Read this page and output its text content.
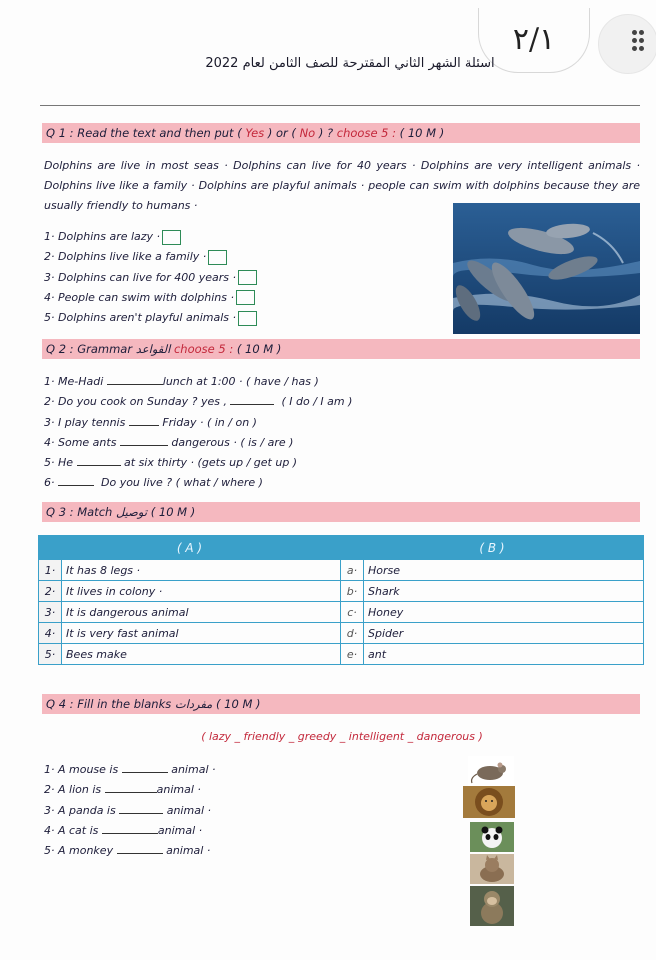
٢/١
اسئلة الشهر الثاني المقترحة للصف الثامن لعام 2022
Q 1 : Read the text and then put ( Yes ) or ( No ) ? choose 5 : ( 10 M )
Dolphins are live in most seas · Dolphins can live for 40 years · Dolphins are very intelligent animals · Dolphins live like a family · Dolphins are playful animals · people can swim with dolphins because they are usually friendly to humans ·
1· Dolphins are lazy ·
2· Dolphins live like a family ·
3· Dolphins can live for 400 years ·
4· People can swim with dolphins ·
5· Dolphins aren't playful animals ·
Q 2 : Grammar القواعد choose 5 : ( 10 M )
1· Me-Hadi	lunch at 1:00 · ( have / has )
2· Do you cook on Sunday ? yes ,	( I do / I am )
3· I play tennis	Friday · ( in / on )
4· Some ants	dangerous · ( is / are )
5· He	at six thirty · (gets up / get up )
6·	Do you live ? ( what / where )
Q 3 : Match توصيل ( 10 M )
( A )		( B )	
1·	It has 8 legs ·	a·	Horse
2·	It lives in colony ·	b·	Shark
3·	It is dangerous animal	c·	Honey
4·	It is very fast animal	d·	Spider
5·	Bees make	e·	ant
Q 4 : Fill in the blanks مفردات ( 10 M )
( lazy _ friendly _ greedy _ intelligent _ dangerous )
1· A mouse is	animal ·
2· A lion is	animal ·
3· A panda is	animal ·
4· A cat is	animal ·
5· A monkey	animal ·
